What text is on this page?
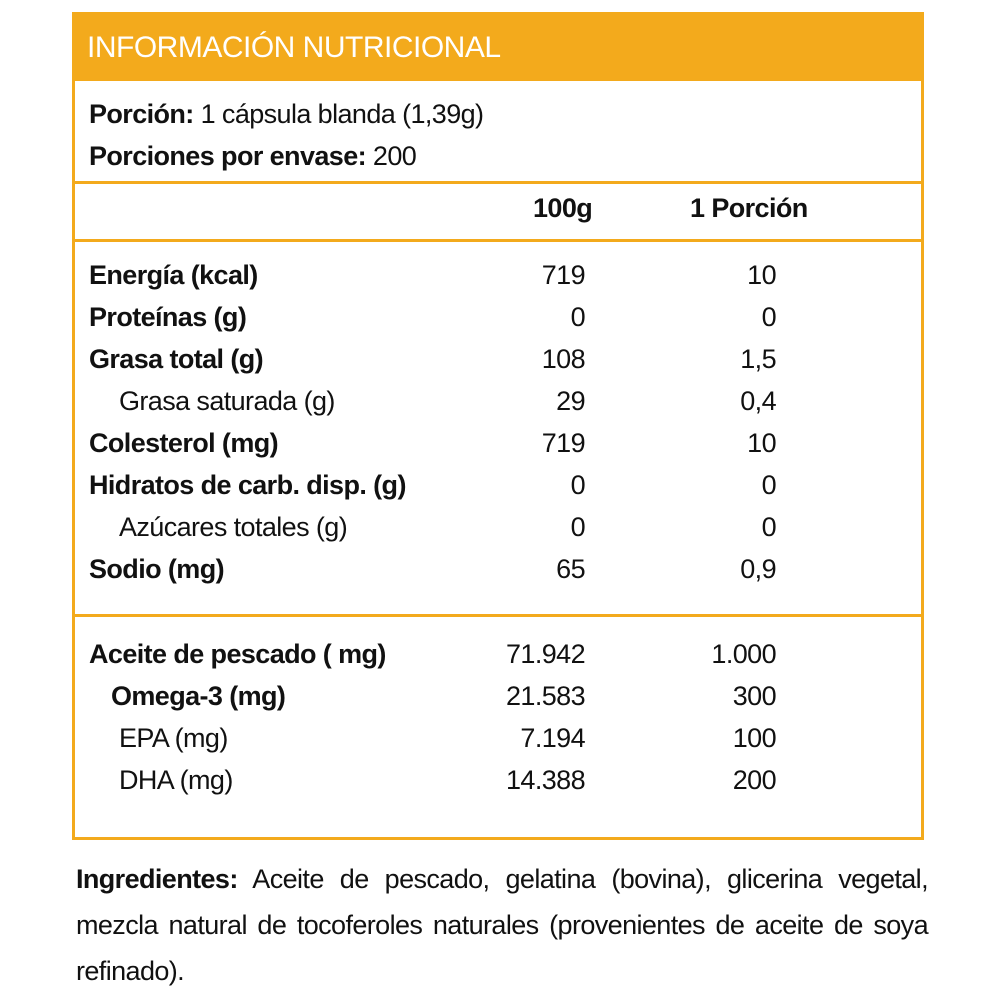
INFORMACIÓN NUTRICIONAL
Porción: 1 cápsula blanda (1,39g)
Porciones por envase: 200
100g	1 Porción
Energía (kcal)	719	10
Proteínas (g)	0	0
Grasa total (g)	108	1,5
Grasa saturada (g)	29	0,4
Colesterol (mg)	719	10
Hidratos de carb. disp. (g)	0	0
Azúcares totales (g)	0	0
Sodio (mg)	65	0,9
Aceite de pescado ( mg)	71.942	1.000
Omega-3 (mg)	21.583	300
EPA (mg)	7.194	100
DHA (mg)	14.388	200
Ingredientes: Aceite de pescado, gelatina (bovina), glicerina vegetal, mezcla natural de tocoferoles naturales (provenientes de aceite de soya refinado).
